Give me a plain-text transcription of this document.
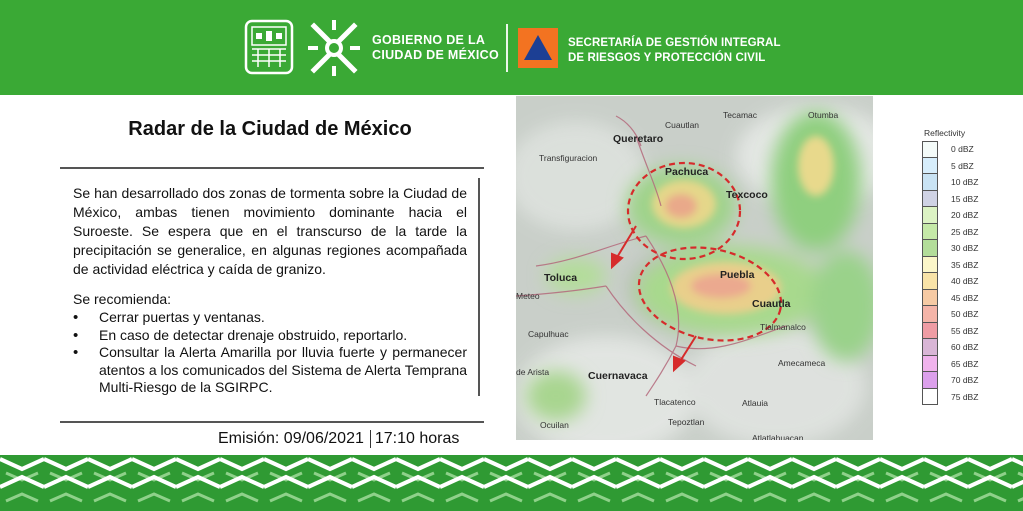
GOBIERNO DE LA
CIUDAD DE MÉXICO
SECRETARÍA DE GESTIÓN INTEGRAL
DE RIESGOS Y PROTECCIÓN CIVIL
Radar de la Ciudad de México

Se han desarrollado dos zonas de tormenta sobre la Ciudad de México, ambas tienen movimiento dominante hacia el Suroeste. Se espera que en el transcurso de la tarde la precipitación se generalice, en algunas regiones acompañada de actividad eléctrica y caída de granizo.

Se recomienda:
• Cerrar puertas y ventanas.
• En caso de detectar drenaje obstruido, reportarlo.
• Consultar la Alerta Amarilla por lluvia fuerte y permanecer atentos a los comunicados del Sistema de Alerta Temprana Multi-Riesgo de la SGIRPC.
Emisión: 09/06/2021 17:10 horas
Cuautlan
Tecamac	Otumba
Queretaro
Transfiguracion
Pachuca
Texcoco
Toluca
Meteo
Puebla
Cuautla
Capulhuac
Tlalmanalco
Amecameca
de Arista	Cuernavaca
Tlacatenco	Atlauia
Tepoztlan
Ocuilan
Atlatlahuacan
Reflectivity
0 dBZ
5 dBZ
10 dBZ
15 dBZ
20 dBZ
25 dBZ
30 dBZ
35 dBZ
40 dBZ
45 dBZ
50 dBZ
55 dBZ
60 dBZ
65 dBZ
70 dBZ
75 dBZ
